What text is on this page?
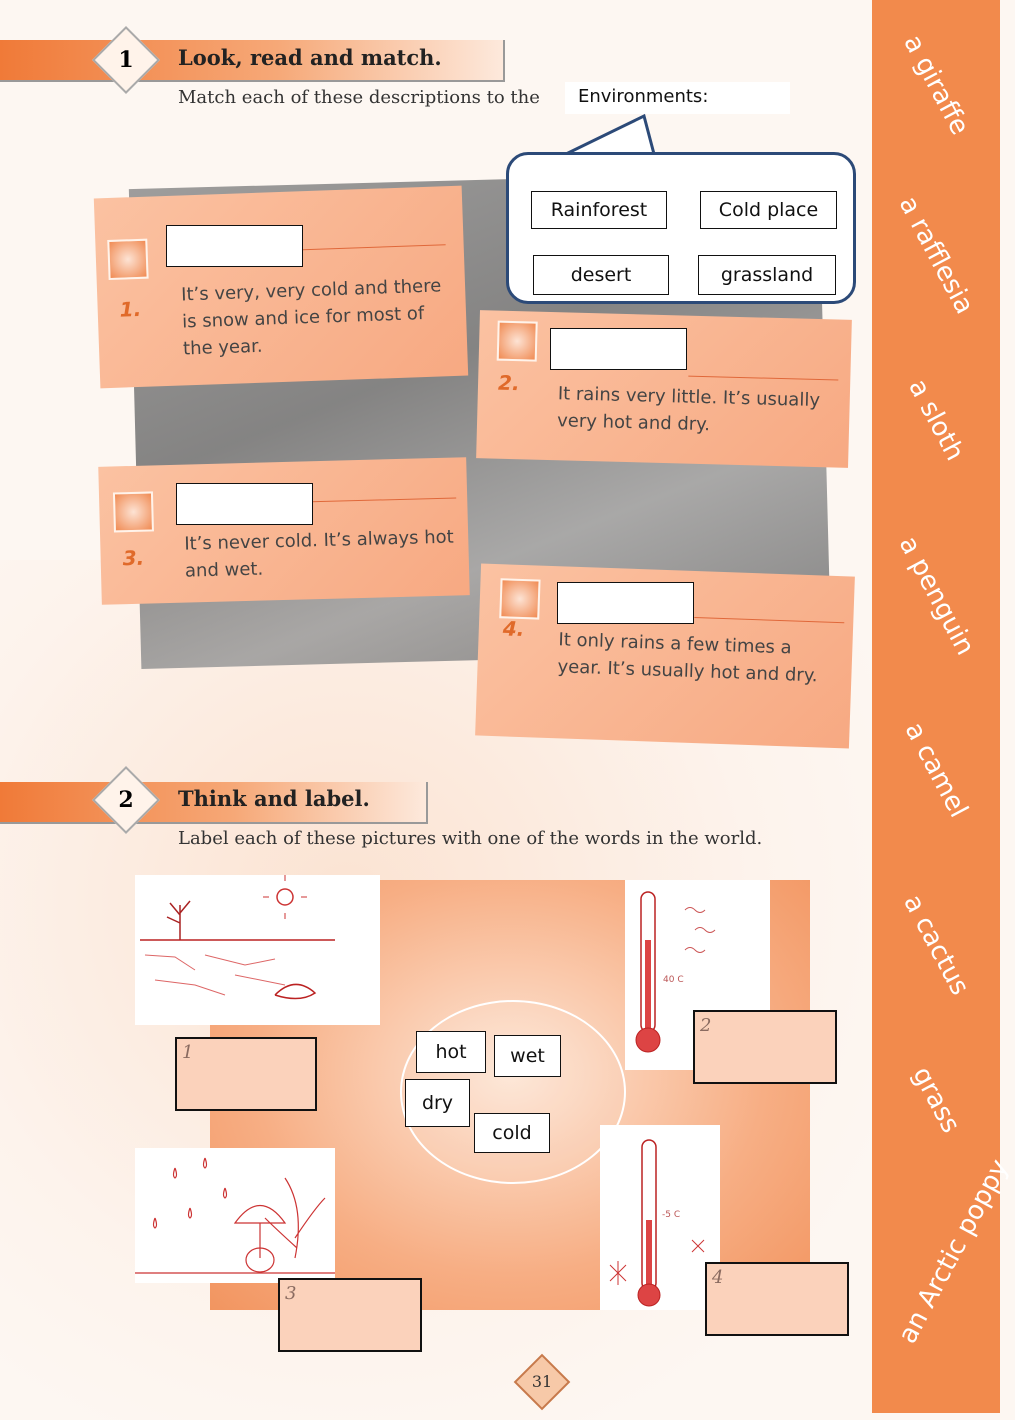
a giraffe
a rafflesia
a sloth
a penguin
a camel
a cactus
grass
an Arctic poppy
1	Look, read and match.
Match each of these descriptions to the	Environments:
Rainforest	Cold place
desert	grassland
1.
It’s very, very cold and there is snow and ice for most of the year.
2.
It rains very little. It’s usually very hot and dry.
3.
It’s never cold. It’s always hot and wet.
4.
It only rains a few times a year. It’s usually hot and dry.
2	Think and label.
Label each of these pictures with one of the words in the world.
1
40 C
2
3
-5 C
4
hot	wet
dry
cold
31
